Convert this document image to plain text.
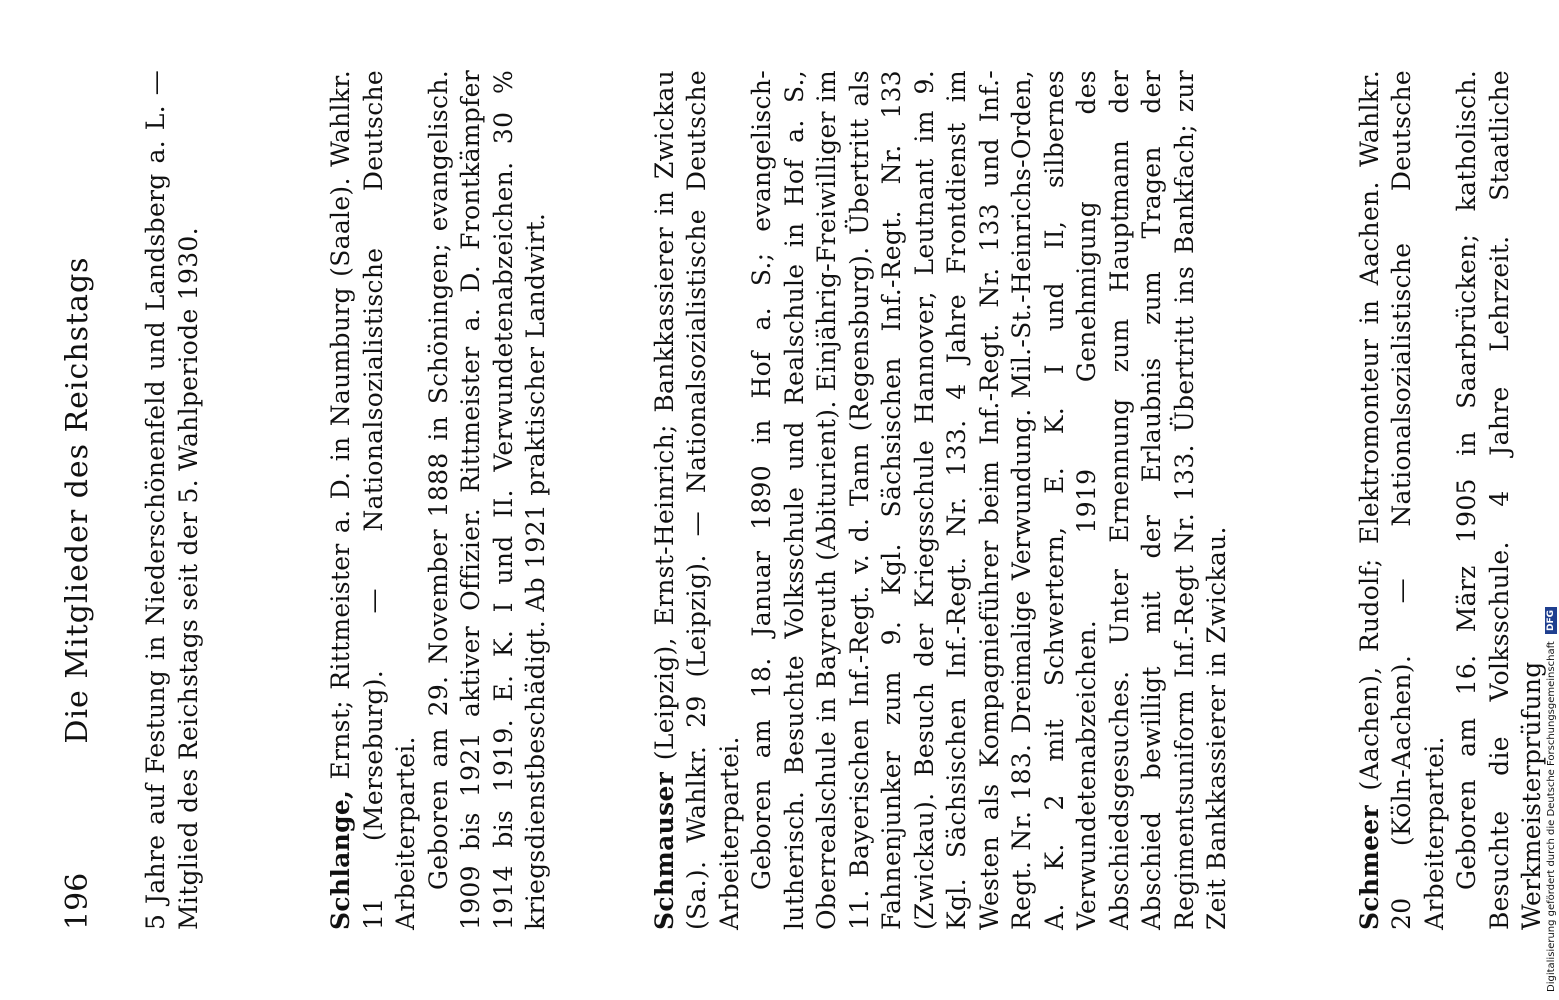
196
Die Mitglieder des Reichstags 5 Jahre auf Festung in Niederschönenfeld und Landsberg a. L. — Mitglied des Reichstags seit der 5. Wahlperiode 1930.	Schlange, Ernst; Rittmeister a. D. in Naumburg (Saale). Wahlkr. 11 (Merseburg). — Nationalsozialistische Deutsche Arbeiterpartei. Geboren am 29. November 1888 in Schöningen; evangelisch. 1909 bis 1921 aktiver Offizier. Rittmeister a. D. Frontkämpfer 1914 bis 1919. E. K. I und II. Verwundetenabzeichen. 30 % kriegsdienstbeschädigt. Ab 1921 praktischer Landwirt.	Schmauser (Leipzig), Ernst-Heinrich; Bankkassierer in Zwickau (Sa.). Wahlkr. 29 (Leipzig). — Nationalsozialistische Deutsche Arbeiterpartei. Geboren am 18. Januar 1890 in Hof a. S.; evangelisch-lutherisch. Besuchte Volksschule und Realschule in Hof a. S., Oberrealschule in Bayreuth (Abiturient). Einjährig-Freiwilliger im 11. Bayerischen Inf.-Regt. v. d. Tann (Regensburg). Übertritt als Fahnenjunker zum 9. Kgl. Sächsischen Inf.-Regt. Nr. 133 (Zwickau). Besuch der Kriegsschule Hannover, Leutnant im 9. Kgl. Sächsischen Inf.-Regt. Nr. 133. 4 Jahre Frontdienst im Westen als Kompagnieführer beim Inf.-Regt. Nr. 133 und Inf.-Regt. Nr. 183. Dreimalige Verwundung. Mil.-St.-Heinrichs-Orden, A. K. 2 mit Schwertern, E. K. I und II, silbernes Verwundetenabzeichen. 1919 Genehmigung des Abschiedsgesuches. Unter Ernennung zum Hauptmann der Abschied bewilligt mit der Erlaubnis zum Tragen der Regimentsuniform Inf.-Regt Nr. 133. Übertritt ins Bankfach; zur Zeit Bankkassierer in Zwickau.	Schmeer (Aachen), Rudolf; Elektromonteur in Aachen. Wahlkr. 20 (Köln-Aachen). — Nationalsozialistische Deutsche Arbeiterpartei. Geboren am 16. März 1905 in Saarbrücken; katholisch. Besuchte die Volksschule. 4 Jahre Lehrzeit. Staatliche Werkmeisterprüfung Digitalisierung gefördert durch die Deutsche Forschungsgemeinschaft DFG
